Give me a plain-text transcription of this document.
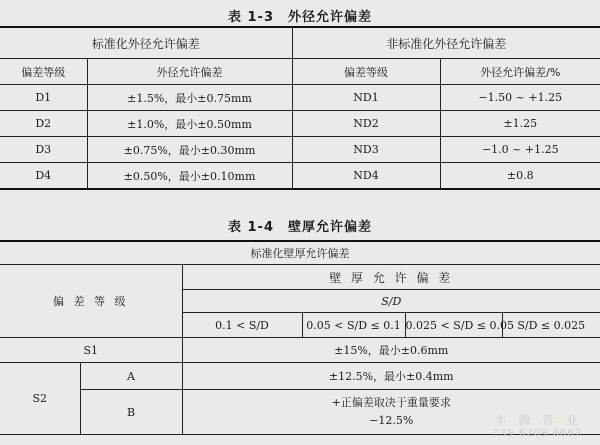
表 1-3　外径允许偏差
标准化外径允许偏差		非标准化外径允许偏差	
偏差等级	外径允许偏差	偏差等级	外径允许偏差/%
D1	±1.5%，最小±0.75mm	ND1	−1.50 ~ +1.25
D2	±1.0%，最小±0.50mm	ND2	±1.25
D3	±0.75%，最小±0.30mm	ND3	−1.0 ~ +1.25
D4	±0.50%，最小±0.10mm	ND4	±0.8
表 1-4　壁厚允许偏差
标准化壁厚允许偏差					
偏 差 等 级		壁 厚 允 许 偏 差			
		S/D			
		0.1 < S/D	0.05 < S/D ≤ 0.1	0.025 < S/D ≤ 0.05	S/D ≤ 0.025
S1		±15%，最小±0.6mm			
S2	A	±12.5%，最小±0.4mm			
	B	+正偏差取决于重量要求
−12.5%				丰 源 管 业
139 6209 6667
